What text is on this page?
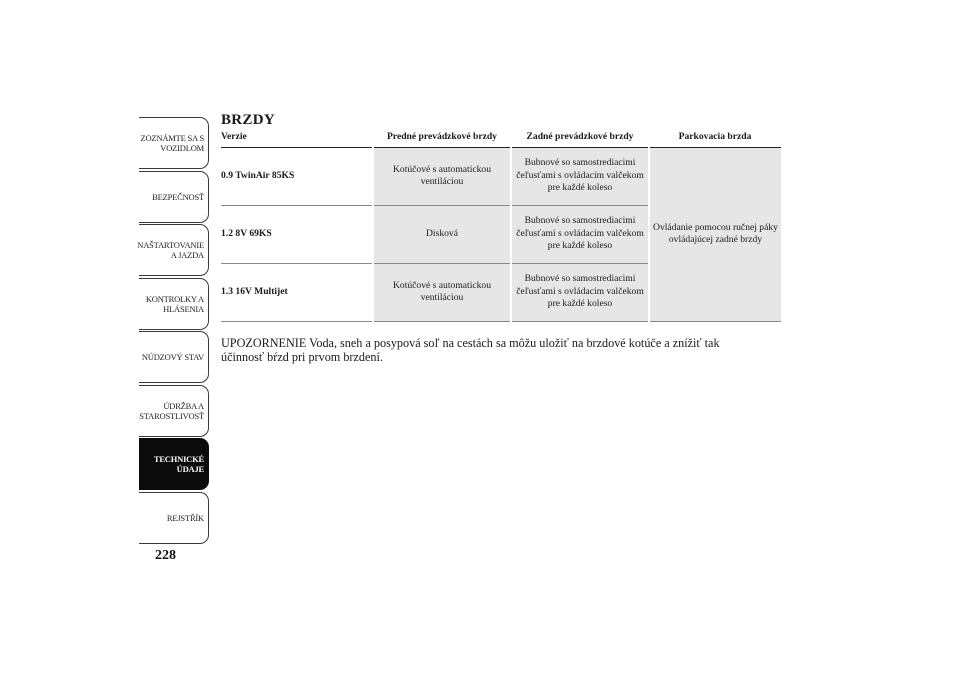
ZOZNÁMTE SA S
VOZIDLOM
BEZPEČNOSŤ
NAŠTARTOVANIE
A JAZDA
KONTROLKY A
HLÁSENIA
NÚDZOVÝ STAV
ÚDRŽBA A
STAROSTLIVOSŤ
TECHNICKÉ
ÚDAJE
REJSTŘÍK
228
BRZDY
Verzie	Predné prevádzkové brzdy	Zadné prevádzkové brzdy	Parkovacia brzda
0.9 TwinAir 85KS	Kotúčové s automatickou ventiláciou	Bubnové so samostrediacimi čeľusťami s ovládacím valčekom pre každé koleso	Ovládanie pomocou ručnej páky ovládajúcej zadné brzdy
1.2 8V 69KS	Disková	Bubnové so samostrediacimi čeľusťami s ovládacím valčekom pre každé koleso	
1.3 16V Multijet	Kotúčové s automatickou ventiláciou	Bubnové so samostrediacimi čeľusťami s ovládacím valčekom pre každé koleso	

UPOZORNENIE Voda, sneh a posypová soľ na cestách sa môžu uložiť na brzdové kotúče a znížiť tak účinnosť bŕzd pri prvom brzdení.
